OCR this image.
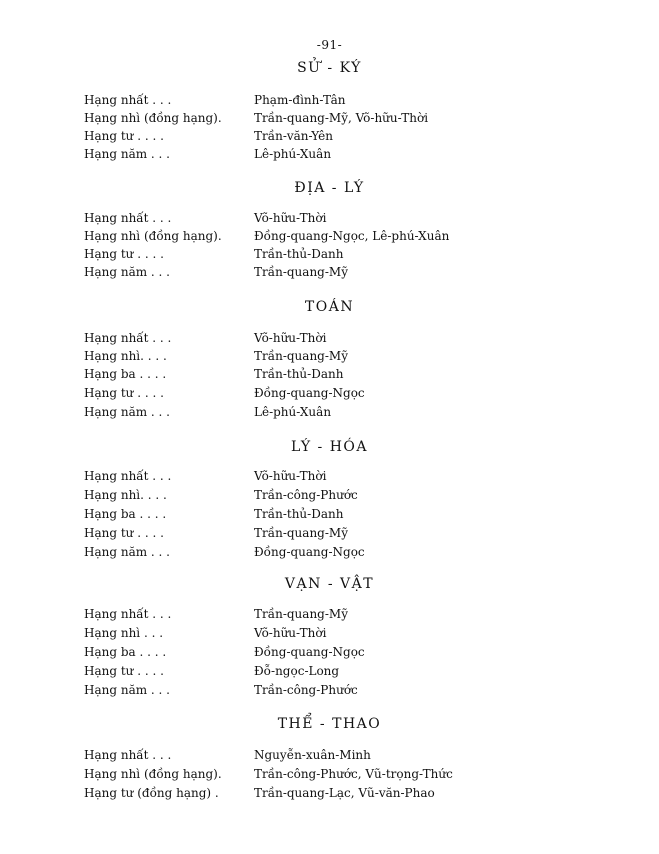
-91-
SỬ - KÝ
Hạng nhất . . .	Phạm-đình-Tân
Hạng nhì (đồng hạng).	Trần-quang-Mỹ, Võ-hữu-Thời
Hạng tư . . . .	Trần-văn-Yên
Hạng năm . . .	Lê-phú-Xuân
ĐỊA - LÝ
Hạng nhất . . .	Võ-hữu-Thời
Hạng nhì (đồng hạng).	Đồng-quang-Ngọc, Lê-phú-Xuân
Hạng tư . . . .	Trần-thủ-Danh
Hạng năm . . .	Trần-quang-Mỹ
TOÁN
Hạng nhất . . .	Võ-hữu-Thời
Hạng nhì. . . .	Trần-quang-Mỹ
Hạng ba . . . .	Trần-thủ-Danh
Hạng tư . . . .	Đồng-quang-Ngọc
Hạng năm . . .	Lê-phú-Xuân
LÝ - HÓA
Hạng nhất . . .	Võ-hữu-Thời
Hạng nhì. . . .	Trần-công-Phước
Hạng ba . . . .	Trần-thủ-Danh
Hạng tư . . . .	Trần-quang-Mỹ
Hạng năm . . .	Đồng-quang-Ngọc
VẠN - VẬT
Hạng nhất . . .	Trần-quang-Mỹ
Hạng nhì . . .	Võ-hữu-Thời
Hạng ba . . . .	Đồng-quang-Ngọc
Hạng tư . . . .	Đỗ-ngọc-Long
Hạng năm . . .	Trần-công-Phước
THỂ - THAO
Hạng nhất . . .	Nguyễn-xuân-Minh
Hạng nhì (đồng hạng).	Trần-công-Phước, Vũ-trọng-Thức
Hạng tư (đồng hạng) .	Trần-quang-Lạc, Vũ-văn-Phao
